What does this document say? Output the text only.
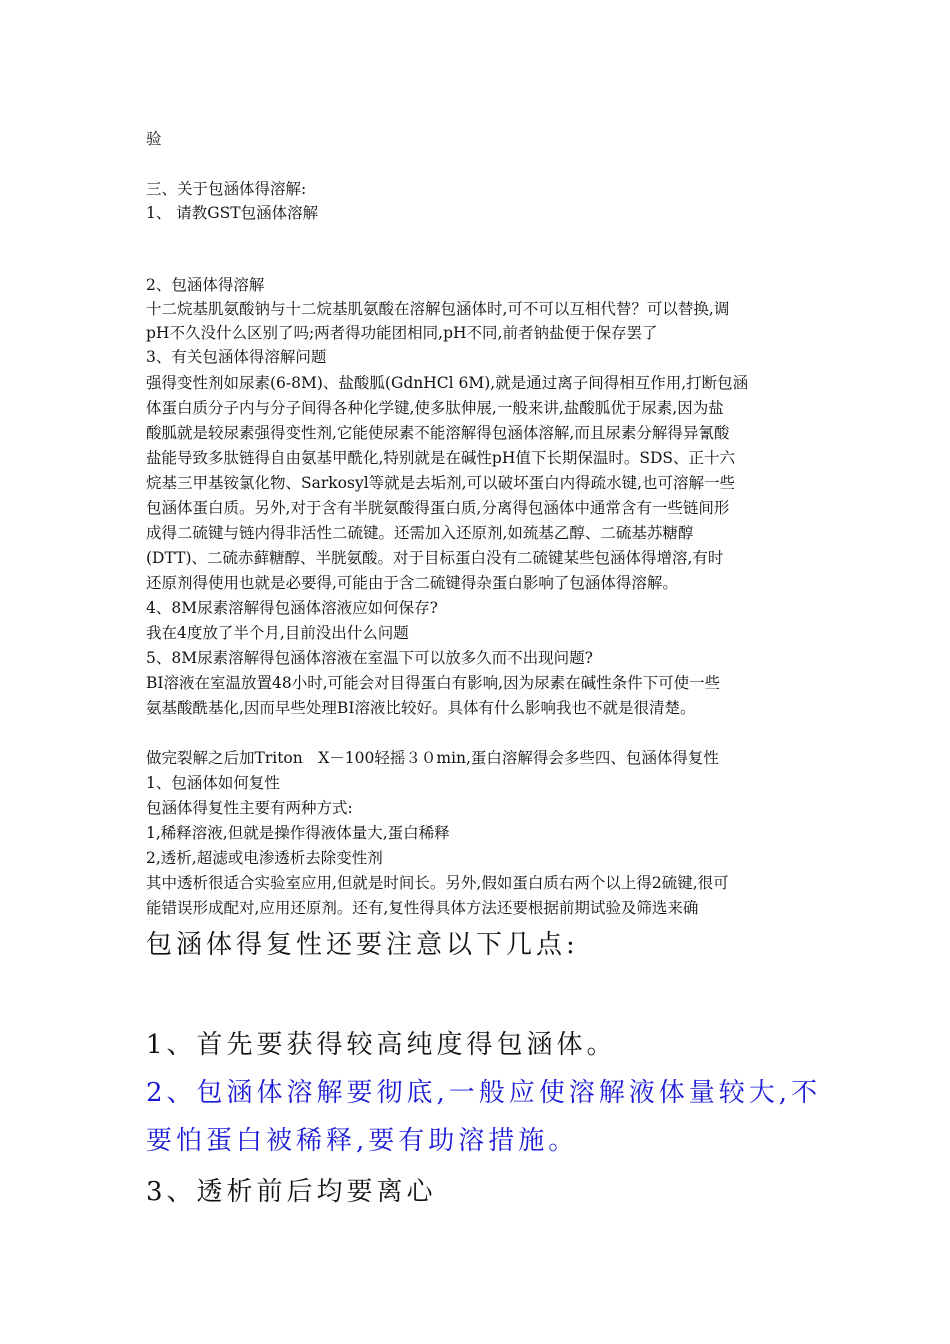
验
三、关于包涵体得溶解:
1、 请教GST包涵体溶解
2、包涵体得溶解
十二烷基肌氨酸钠与十二烷基肌氨酸在溶解包涵体时,可不可以互相代替？可以替换,调
pH不久没什么区别了吗;两者得功能团相同,pH不同,前者钠盐便于保存罢了
3、有关包涵体得溶解问题
强得变性剂如尿素(6-8M)、盐酸胍(GdnHCl 6M),就是通过离子间得相互作用,打断包涵
体蛋白质分子内与分子间得各种化学键,使多肽伸展,一般来讲,盐酸胍优于尿素,因为盐
酸胍就是较尿素强得变性剂,它能使尿素不能溶解得包涵体溶解,而且尿素分解得异氰酸
盐能导致多肽链得自由氨基甲酰化,特别就是在碱性pH值下长期保温时。SDS、正十六
烷基三甲基铵氯化物、Sarkosyl等就是去垢剂,可以破坏蛋白内得疏水键,也可溶解一些
包涵体蛋白质。另外,对于含有半胱氨酸得蛋白质,分离得包涵体中通常含有一些链间形
成得二硫键与链内得非活性二硫键。还需加入还原剂,如巯基乙醇、二硫基苏糖醇
(DTT)、二硫赤藓糖醇、半胱氨酸。对于目标蛋白没有二硫键某些包涵体得增溶,有时
还原剂得使用也就是必要得,可能由于含二硫键得杂蛋白影响了包涵体得溶解。
4、8M尿素溶解得包涵体溶液应如何保存?
我在4度放了半个月,目前没出什么问题
5、8M尿素溶解得包涵体溶液在室温下可以放多久而不出现问题?
BI溶液在室温放置48小时,可能会对目得蛋白有影响,因为尿素在碱性条件下可使一些
氨基酸酰基化,因而早些处理BI溶液比较好。具体有什么影响我也不就是很清楚。
做完裂解之后加Triton　X－100轻摇３０min,蛋白溶解得会多些四、包涵体得复性
1、包涵体如何复性
包涵体得复性主要有两种方式:
1,稀释溶液,但就是操作得液体量大,蛋白稀释
2,透析,超滤或电渗透析去除变性剂
其中透析很适合实验室应用,但就是时间长。另外,假如蛋白质右两个以上得2硫键,很可
能错误形成配对,应用还原剂。还有,复性得具体方法还要根据前期试验及筛选来确
包涵体得复性还要注意以下几点:
1、首先要获得较高纯度得包涵体。
2、包涵体溶解要彻底,一般应使溶解液体量较大,不
要怕蛋白被稀释,要有助溶措施。
3、透析前后均要离心
